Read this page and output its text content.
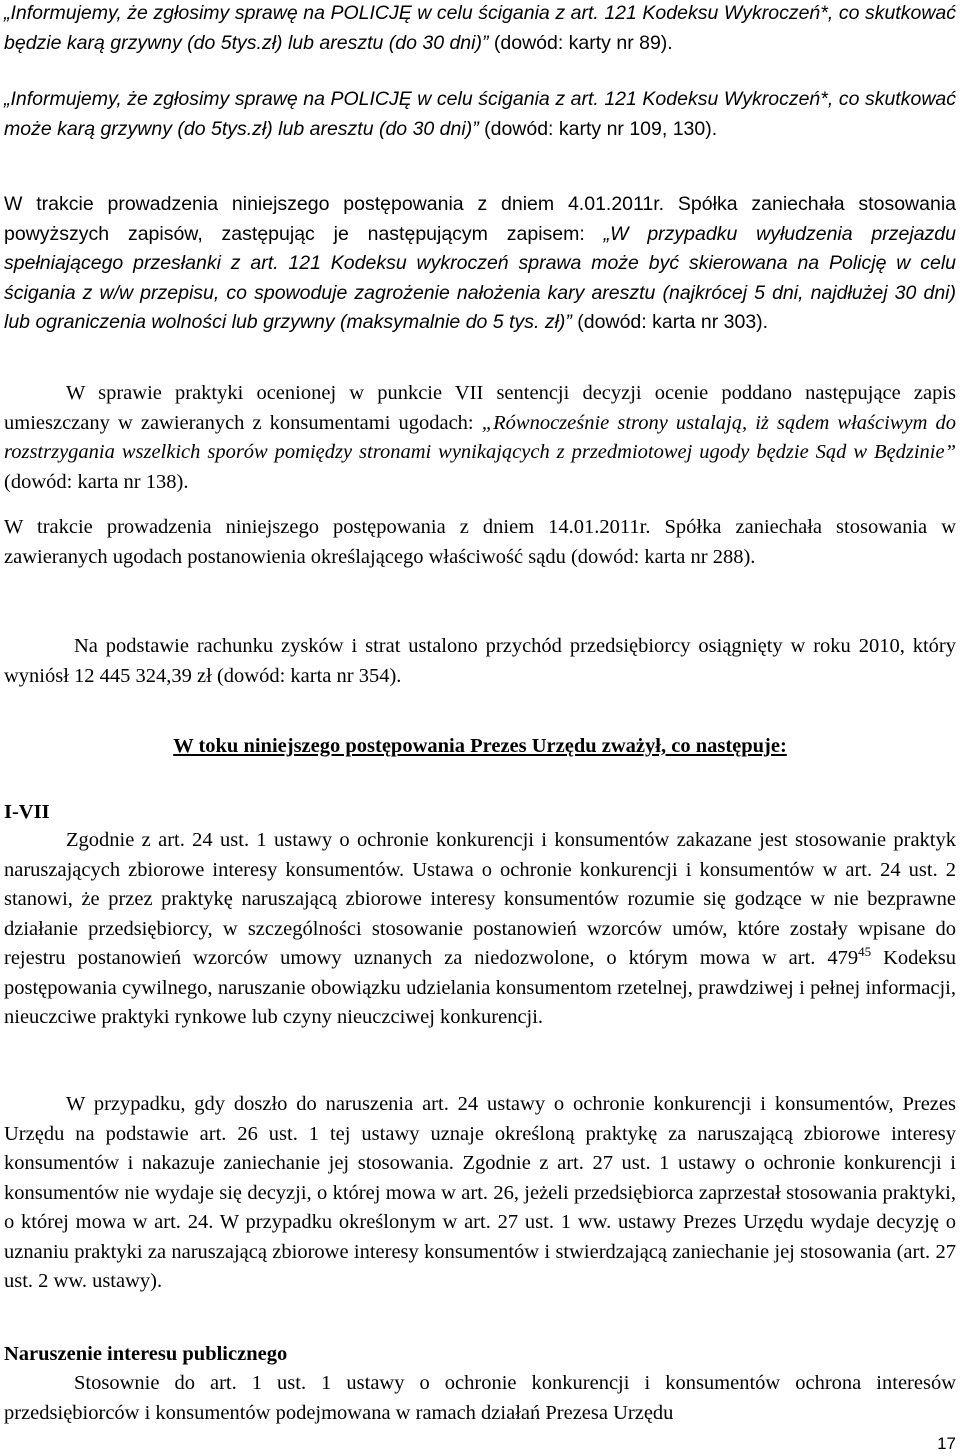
„Informujemy, że zgłosimy sprawę na POLICJĘ w celu ścigania z art. 121 Kodeksu Wykroczeń*, co skutkować będzie karą grzywny (do 5tys.zł) lub aresztu (do 30 dni)” (dowód: karty nr 89).

„Informujemy, że zgłosimy sprawę na POLICJĘ w celu ścigania z art. 121 Kodeksu Wykroczeń*, co skutkować może karą grzywny (do 5tys.zł) lub aresztu (do 30 dni)” (dowód: karty nr 109, 130).

W trakcie prowadzenia niniejszego postępowania z dniem 4.01.2011r. Spółka zaniechała stosowania powyższych zapisów, zastępując je następującym zapisem: „W przypadku wyłudzenia przejazdu spełniającego przesłanki z art. 121 Kodeksu wykroczeń sprawa może być skierowana na Policję w celu ścigania z w/w przepisu, co spowoduje zagrożenie nałożenia kary aresztu (najkrócej 5 dni, najdłużej 30 dni) lub ograniczenia wolności lub grzywny (maksymalnie do 5 tys. zł)” (dowód: karta nr 303).

W sprawie praktyki ocenionej w punkcie VII sentencji decyzji ocenie poddano następujące zapis umieszczany w zawieranych z konsumentami ugodach: „Równocześnie strony ustalają, iż sądem właściwym do rozstrzygania wszelkich sporów pomiędzy stronami wynikających z przedmiotowej ugody będzie Sąd w Będzinie” (dowód: karta nr 138).

W trakcie prowadzenia niniejszego postępowania z dniem 14.01.2011r. Spółka zaniechała stosowania w zawieranych ugodach postanowienia określającego właściwość sądu (dowód: karta nr 288).

Na podstawie rachunku zysków i strat ustalono przychód przedsiębiorcy osiągnięty w roku 2010, który wyniósł 12 445 324,39 zł (dowód: karta nr 354).

W toku niniejszego postępowania Prezes Urzędu zważył, co następuje:
I-VII

Zgodnie z art. 24 ust. 1 ustawy o ochronie konkurencji i konsumentów zakazane jest stosowanie praktyk naruszających zbiorowe interesy konsumentów. Ustawa o ochronie konkurencji i konsumentów w art. 24 ust. 2 stanowi, że przez praktykę naruszającą zbiorowe interesy konsumentów rozumie się godzące w nie bezprawne działanie przedsiębiorcy, w szczególności stosowanie postanowień wzorców umów, które zostały wpisane do rejestru postanowień wzorców umowy uznanych za niedozwolone, o którym mowa w art. $479^{45}$ Kodeksu postępowania cywilnego, naruszanie obowiązku udzielania konsumentom rzetelnej, prawdziwej i pełnej informacji, nieuczciwe praktyki rynkowe lub czyny nieuczciwej konkurencji.

W przypadku, gdy doszło do naruszenia art. 24 ustawy o ochronie konkurencji i konsumentów, Prezes Urzędu na podstawie art. 26 ust. 1 tej ustawy uznaje określoną praktykę za naruszającą zbiorowe interesy konsumentów i nakazuje zaniechanie jej stosowania. Zgodnie z art. 27 ust. 1 ustawy o ochronie konkurencji i konsumentów nie wydaje się decyzji, o której mowa w art. 26, jeżeli przedsiębiorca zaprzestał stosowania praktyki, o której mowa w art. 24. W przypadku określonym w art. 27 ust. 1 ww. ustawy Prezes Urzędu wydaje decyzję o uznaniu praktyki za naruszającą zbiorowe interesy konsumentów i stwierdzającą zaniechanie jej stosowania (art. 27 ust. 2 ww. ustawy).

Naruszenie interesu publicznego

Stosownie do art. 1 ust. 1 ustawy o ochronie konkurencji i konsumentów ochrona interesów przedsiębiorców i konsumentów podejmowana w ramach działań Prezesa Urzędu

17
